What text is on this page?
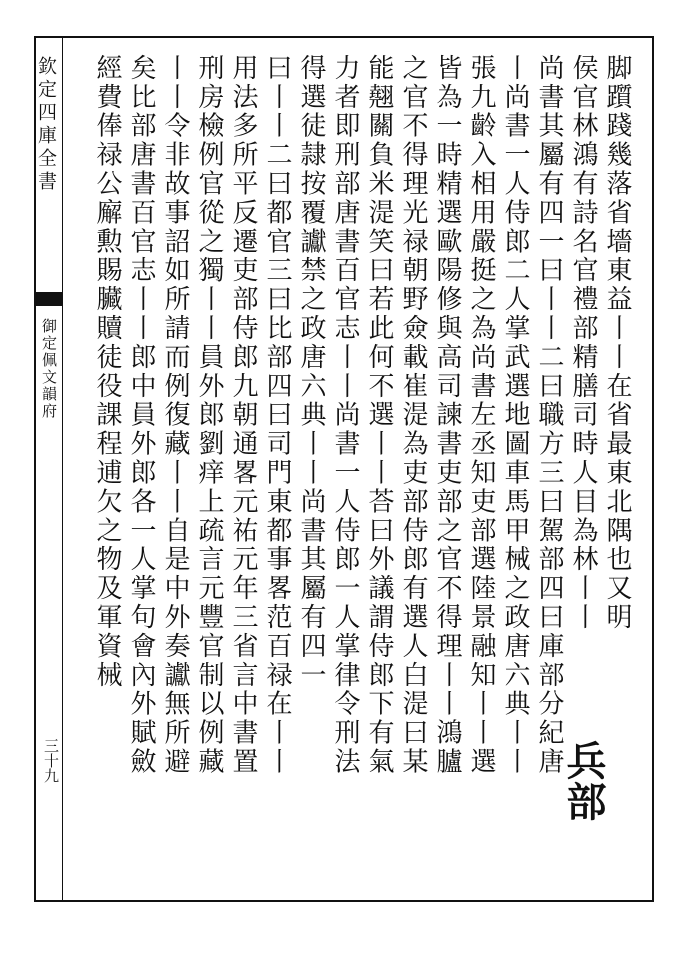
欽定四庫全書
御定佩文韻府
三十九
脚躓踐幾落省墻東益丨丨在省最東北隅也又明
侯官林鴻有詩名官禮部精膳司時人目為林丨丨
兵部
尚書其屬有四一曰丨丨二曰職方三曰駕部四曰庫部分紀唐
丨尚書一人侍郎二人掌武選地圖車馬甲械之政唐六典丨丨
張九齡入相用嚴挺之為尚書左丞知吏部選陸景融知丨丨選
皆為一時精選歐陽修與高司諫書吏部之官不得理丨丨鴻臚
之官不得理光禄朝野僉載崔湜為吏部侍郎有選人白湜曰某
能翹關負米湜笑曰若此何不選丨丨荅曰外議謂侍郎下有氣
力者即刑部唐書百官志丨丨尚書一人侍郎一人掌律令刑法
得選徒隷按覆讞禁之政唐六典丨丨尚書其屬有四一
曰丨丨二曰都官三曰比部四曰司門東都事畧范百禄在丨丨
用法多所平反遷吏部侍郎九朝通畧元祐元年三省言中書置
刑房檢例官從之獨丨丨員外郎劉痒上疏言元豐官制以例藏
丨丨令非故事詔如所請而例復藏丨丨自是中外奏讞無所避
矣比部唐書百官志丨丨郎中員外郎各一人掌句會內外賦斂
經費俸禄公廨勲賜臟贖徒役課程逋欠之物及軍資械
